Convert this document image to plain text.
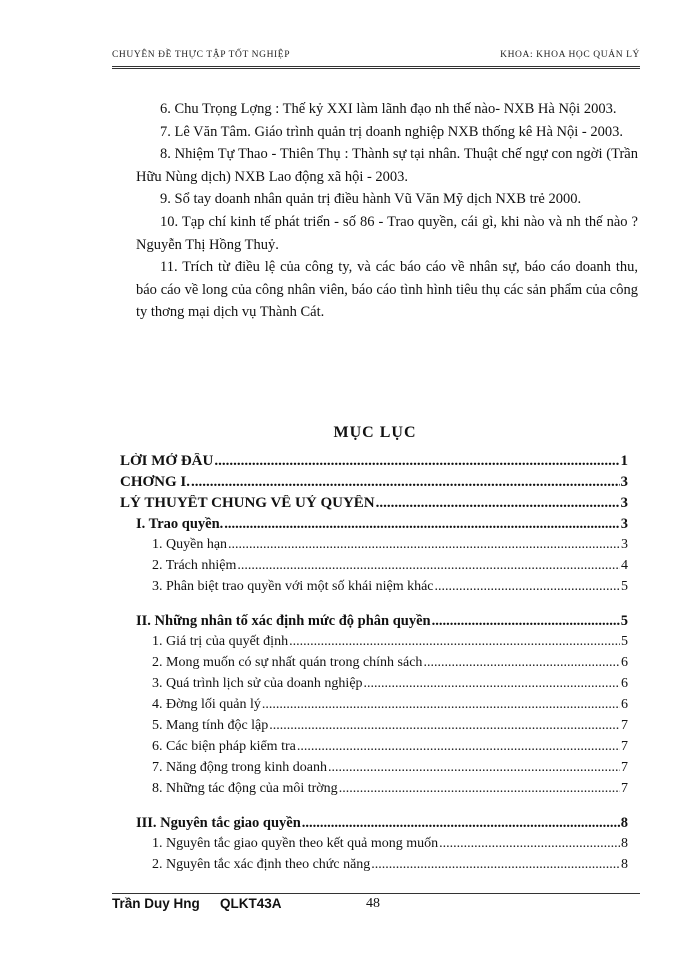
CHUYÊN ĐỀ THỰC TẬP TỐT NGHIỆP	KHOA: KHOA HỌC QUẢN LÝ

6. Chu Trọng Lợng : Thế kỷ XXI làm lãnh đạo nh thế nào- NXB Hà Nội 2003.

7. Lê Văn Tâm. Giáo trình quản trị doanh nghiệp NXB thống kê Hà Nội - 2003.

8. Nhiệm Tự Thao - Thiên Thụ : Thành sự tại nhân. Thuật chế ngự con ngời (Trần Hữu Nùng dịch) NXB Lao động xã hội - 2003.

9. Sổ tay doanh nhân quản trị điều hành Vũ Văn Mỹ dịch NXB trẻ 2000.

10. Tạp chí kinh tế phát triển - số 86 - Trao quyền, cái gì, khi nào và nh thế nào ? Nguyễn Thị Hồng Thuỷ.

11. Trích từ điều lệ của công ty, và các báo cáo về nhân sự, báo cáo doanh thu, báo cáo về long của công nhân viên, báo cáo tình hình tiêu thụ các sản phẩm của công ty thơng mại dịch vụ Thành Cát.

MỤC LỤC
LỜI MỞ ĐẦU .....	1
CHƠNG I. .....	3
LÝ THUYẾT CHUNG VỀ UỶ QUYỀN .....	3
I. Trao quyền. .....	3
1. Quyền hạn .....	3
2. Trách nhiệm .....	4
3. Phân biệt trao quyền với một số khái niệm khác .....	5
II. Những nhân tố xác định mức độ phân quyền .....	5
1. Giá trị của quyết định .....	5
2. Mong muốn có sự nhất quán trong chính sách .....	6
3. Quá trình lịch sử của doanh nghiệp .....	6
4. Đờng lối quản lý .....	6
5. Mang tính độc lập .....	7
6. Các biện pháp kiểm tra .....	7
7. Năng động trong kinh doanh .....	7
8. Những tác động của môi trờng .....	7
III. Nguyên tắc giao quyền .....	8
1. Nguyên tắc giao quyền theo kết quả mong muốn .....	8
2. Nguyên tắc xác định theo chức năng .....	8
Trần Duy Hng QLKT43A	48
